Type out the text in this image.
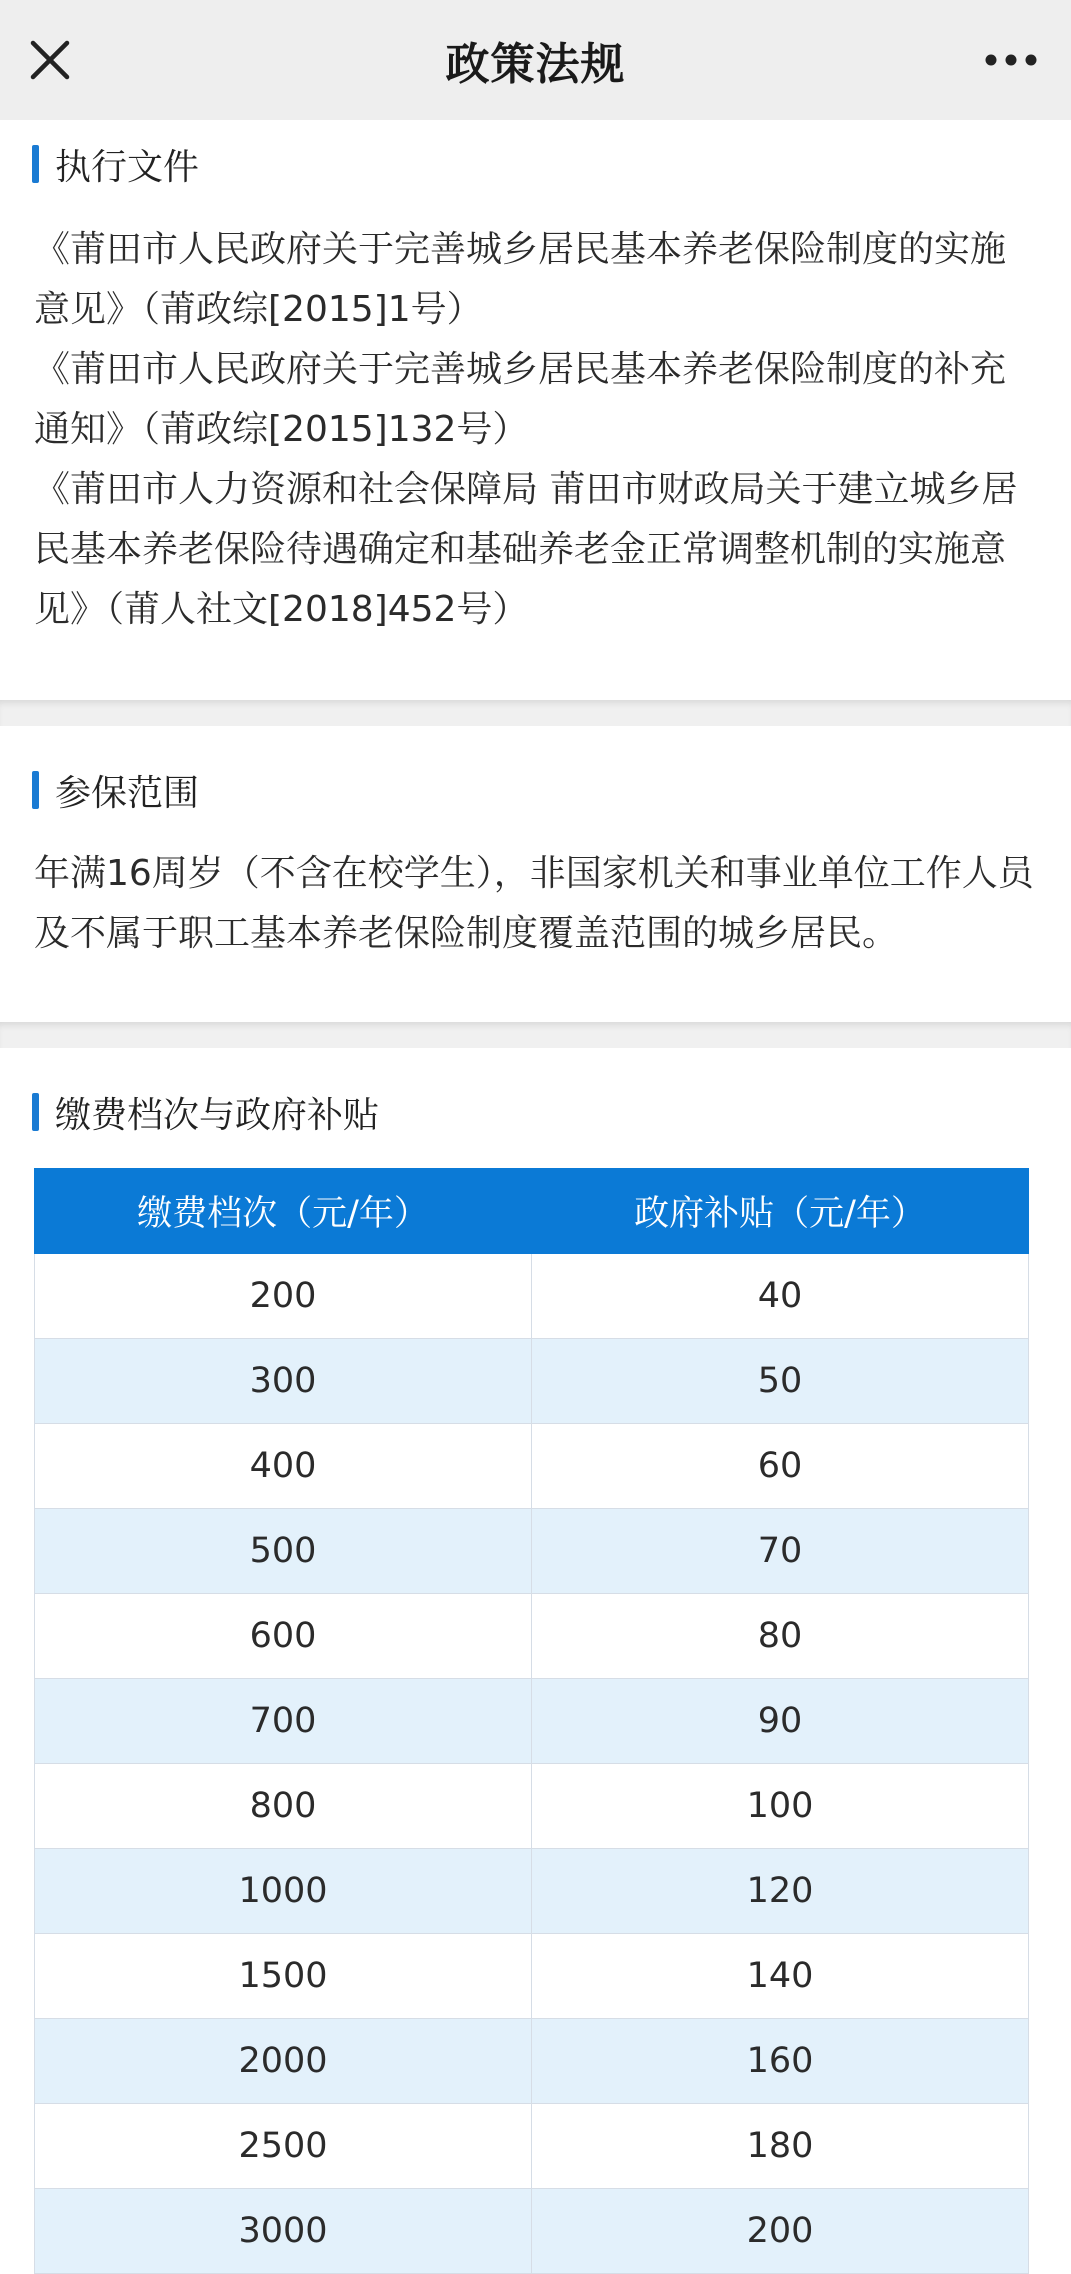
政策法规
执行文件

《莆田市人民政府关于完善城乡居民基本养老保险制度的实施意见》（莆政综[2015]1号）
《莆田市人民政府关于完善城乡居民基本养老保险制度的补充通知》（莆政综[2015]132号）
《莆田市人力资源和社会保障局 莆田市财政局关于建立城乡居民基本养老保险待遇确定和基础养老金正常调整机制的实施意见》（莆人社文[2018]452号）

参保范围

年满16周岁（不含在校学生），非国家机关和事业单位工作人员及不属于职工基本养老保险制度覆盖范围的城乡居民。

缴费档次与政府补贴
缴费档次（元/年）	政府补贴（元/年）
200	40
300	50
400	60
500	70
600	80
700	90
800	100
1000	120
1500	140
2000	160
2500	180
3000	200
